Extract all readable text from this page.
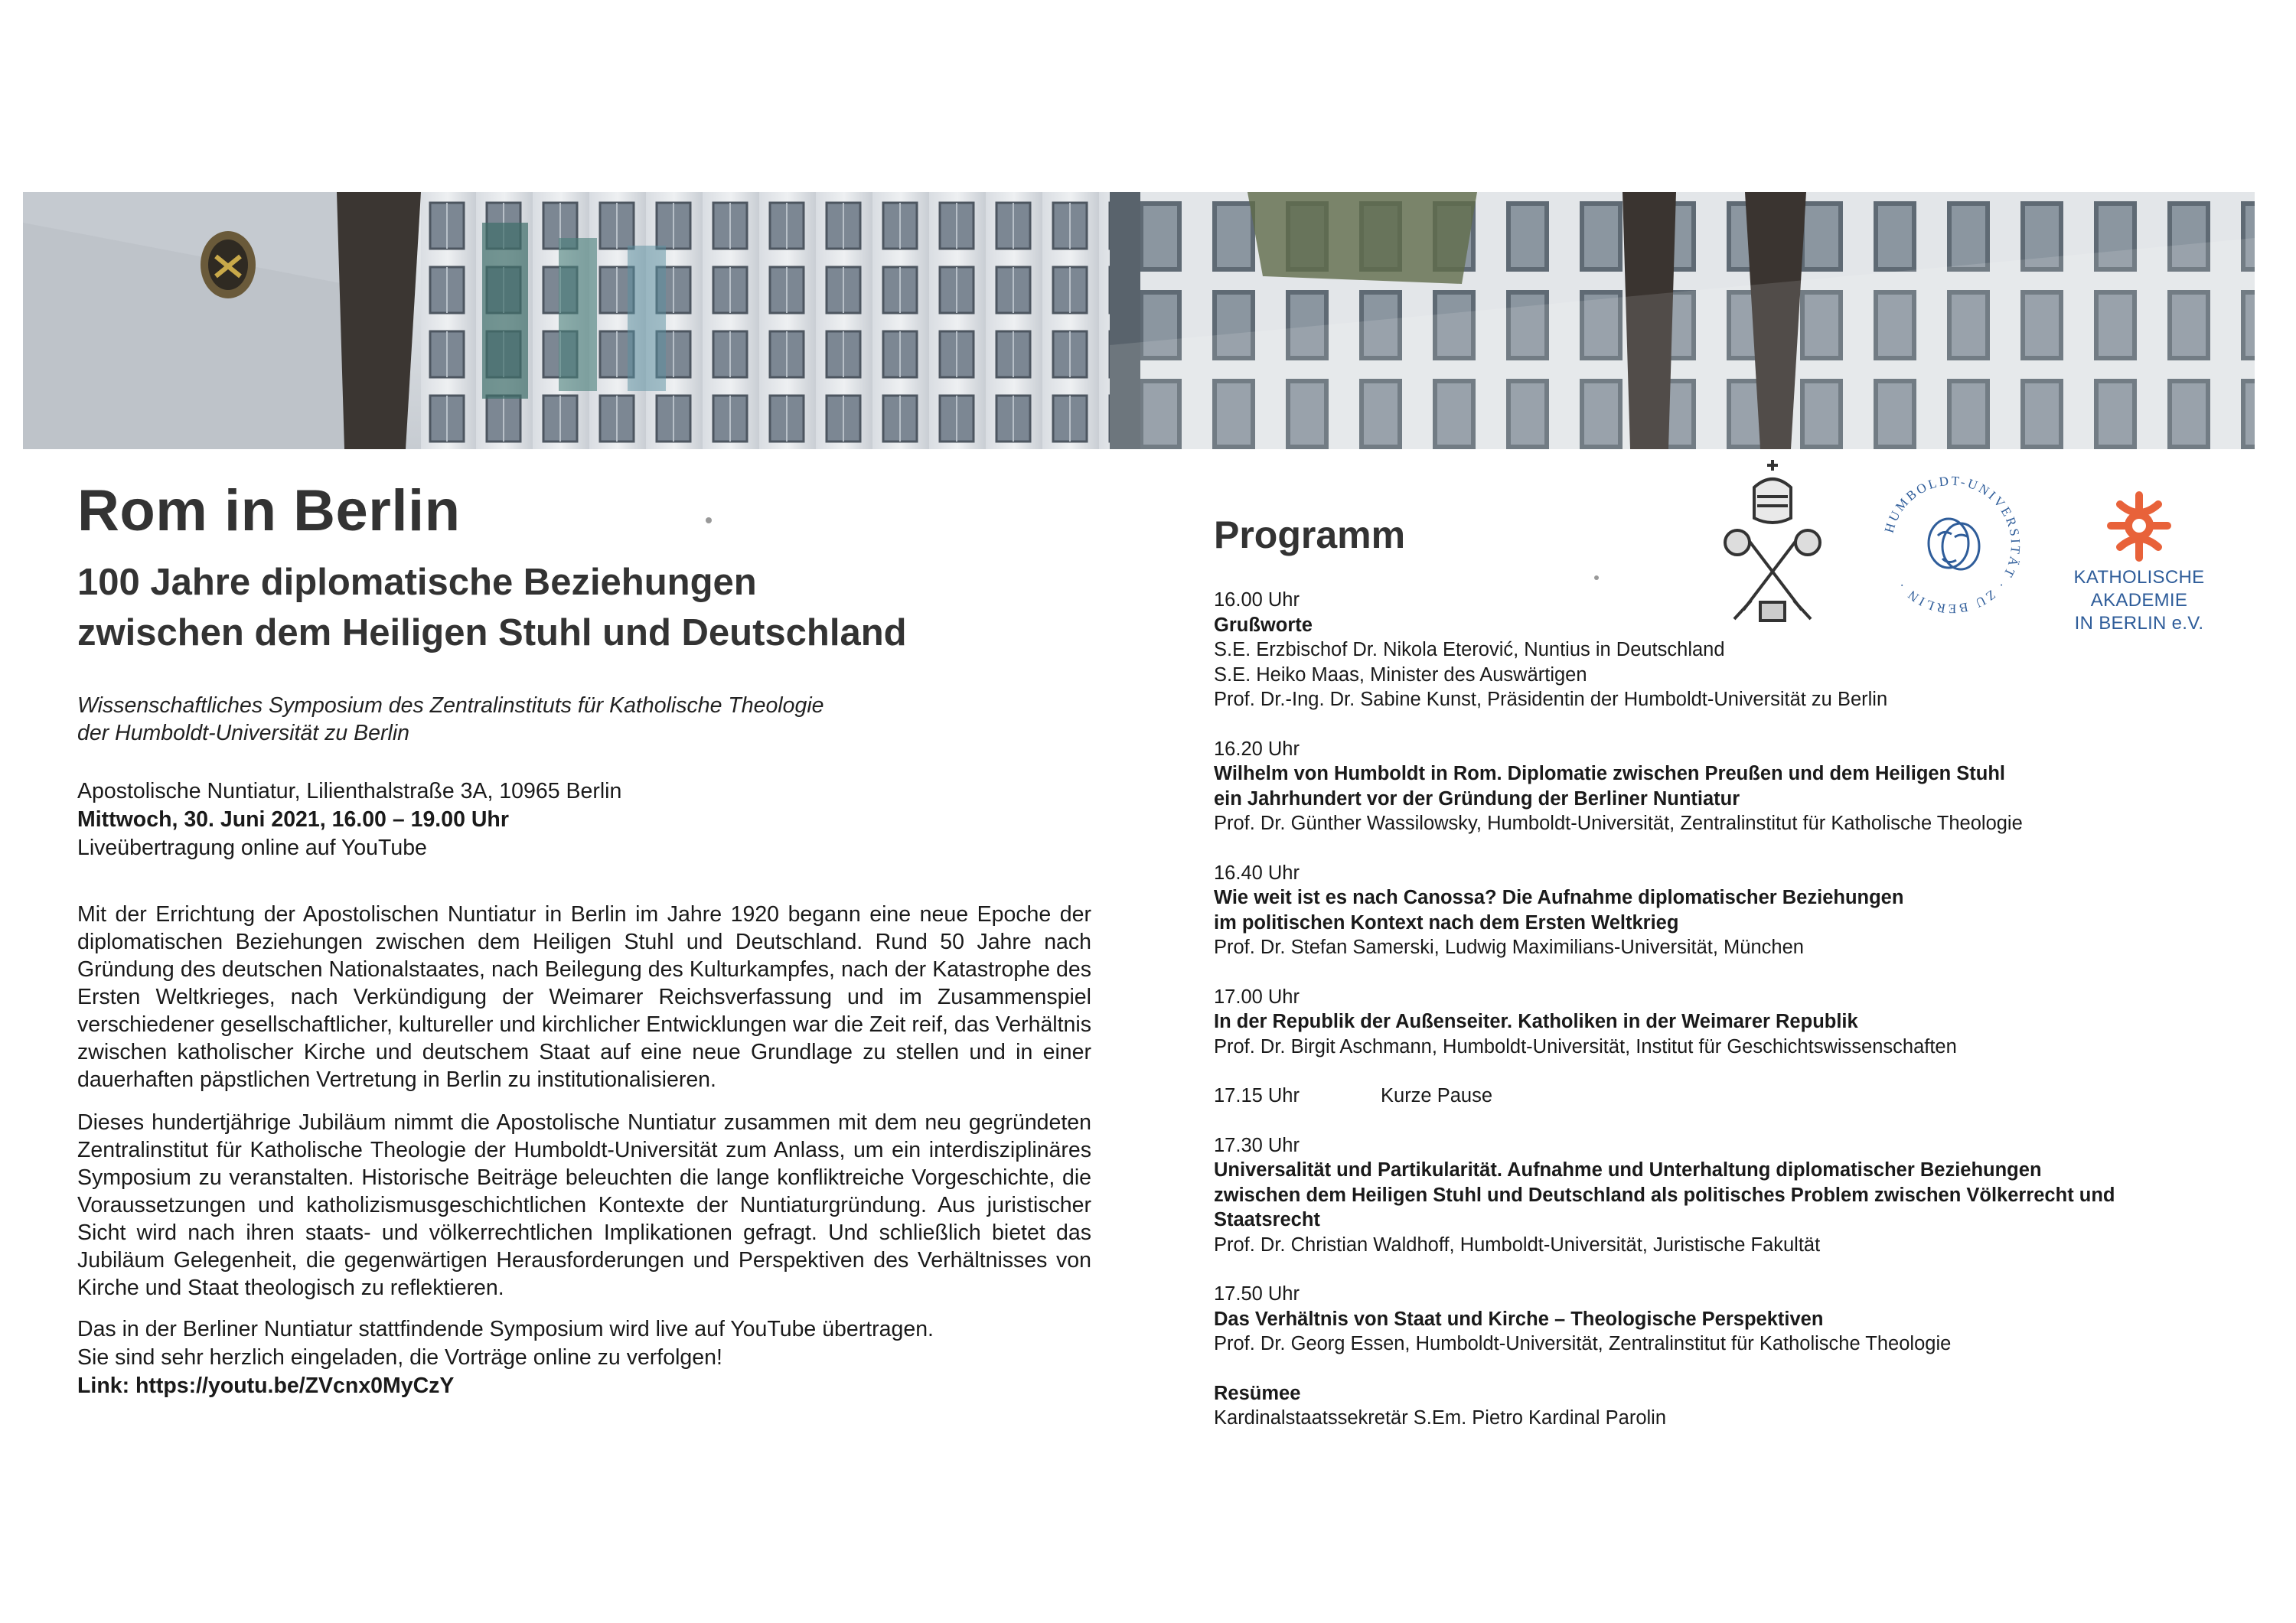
Rom in Berlin
100 Jahre diplomatische Beziehungen
zwischen dem Heiligen Stuhl und Deutschland
Wissenschaftliches Symposium des Zentralinstituts für Katholische Theologie
der Humboldt-Universität zu Berlin
Apostolische Nuntiatur, Lilienthalstraße 3A, 10965 Berlin
Mittwoch, 30. Juni 2021, 16.00 – 19.00 Uhr
Liveübertragung online auf YouTube
Mit der Errichtung der Apostolischen Nuntiatur in Berlin im Jahre 1920 begann eine neue Epoche der diplomatischen Beziehungen zwischen dem Heiligen Stuhl und Deutschland. Rund 50 Jahre nach Gründung des deutschen Nationalstaates, nach Beilegung des Kulturkampfes, nach der Katastrophe des Ersten Weltkrieges, nach Verkündigung der Weimarer Reichsverfassung und im Zusammenspiel verschiedener gesellschaftlicher, kultureller und kirchlicher Entwicklungen war die Zeit reif, das Verhältnis zwischen katholischer Kirche und deutschem Staat auf eine neue Grundlage zu stellen und in einer dauerhaften päpstlichen Vertretung in Berlin zu institutionalisieren.
Dieses hundertjährige Jubiläum nimmt die Apostolische Nuntiatur zusammen mit dem neu gegründeten Zentralinstitut für Katholische Theologie der Humboldt-Universität zum Anlass, um ein interdisziplinäres Symposium zu veranstalten. Historische Beiträge beleuchten die lange konfliktreiche Vorgeschichte, die Voraussetzungen und katholizismusgeschichtlichen Kontexte der Nuntiaturgründung. Aus juristischer Sicht wird nach ihren staats- und völkerrechtlichen Implikationen gefragt. Und schließlich bietet das Jubiläum Gelegenheit, die gegenwärtigen Herausforderungen und Perspektiven des Verhältnisses von Kirche und Staat theologisch zu reflektieren.
Das in der Berliner Nuntiatur stattfindende Symposium wird live auf YouTube übertragen.
Sie sind sehr herzlich eingeladen, die Vorträge online zu verfolgen!
Link: https://youtu.be/ZVcnx0MyCzY
Programm	HUMBOLDT-UNIVERSITÄT · ZU BERLIN ·	KATHOLISCHE AKADEMIE
IN BERLIN e.V.
16.00 Uhr
Grußworte
S.E. Erzbischof Dr. Nikola Eterović, Nuntius in Deutschland
S.E. Heiko Maas, Minister des Auswärtigen
Prof. Dr.-Ing. Dr. Sabine Kunst, Präsidentin der Humboldt-Universität zu Berlin
16.20 Uhr
Wilhelm von Humboldt in Rom. Diplomatie zwischen Preußen und dem Heiligen Stuhl
ein Jahrhundert vor der Gründung der Berliner Nuntiatur
Prof. Dr. Günther Wassilowsky, Humboldt-Universität, Zentralinstitut für Katholische Theologie
16.40 Uhr
Wie weit ist es nach Canossa? Die Aufnahme diplomatischer Beziehungen
im politischen Kontext nach dem Ersten Weltkrieg
Prof. Dr. Stefan Samerski, Ludwig Maximilians-Universität, München
17.00 Uhr
In der Republik der Außenseiter. Katholiken in der Weimarer Republik
Prof. Dr. Birgit Aschmann, Humboldt-Universität, Institut für Geschichtswissenschaften
17.15 Uhr	Kurze Pause
17.30 Uhr
Universalität und Partikularität. Aufnahme und Unterhaltung diplomatischer Beziehungen
zwischen dem Heiligen Stuhl und Deutschland als politisches Problem zwischen Völkerrecht und
Staatsrecht
Prof. Dr. Christian Waldhoff, Humboldt-Universität, Juristische Fakultät
17.50 Uhr
Das Verhältnis von Staat und Kirche – Theologische Perspektiven
Prof. Dr. Georg Essen, Humboldt-Universität, Zentralinstitut für Katholische Theologie
Resümee
Kardinalstaatssekretär S.Em. Pietro Kardinal Parolin
